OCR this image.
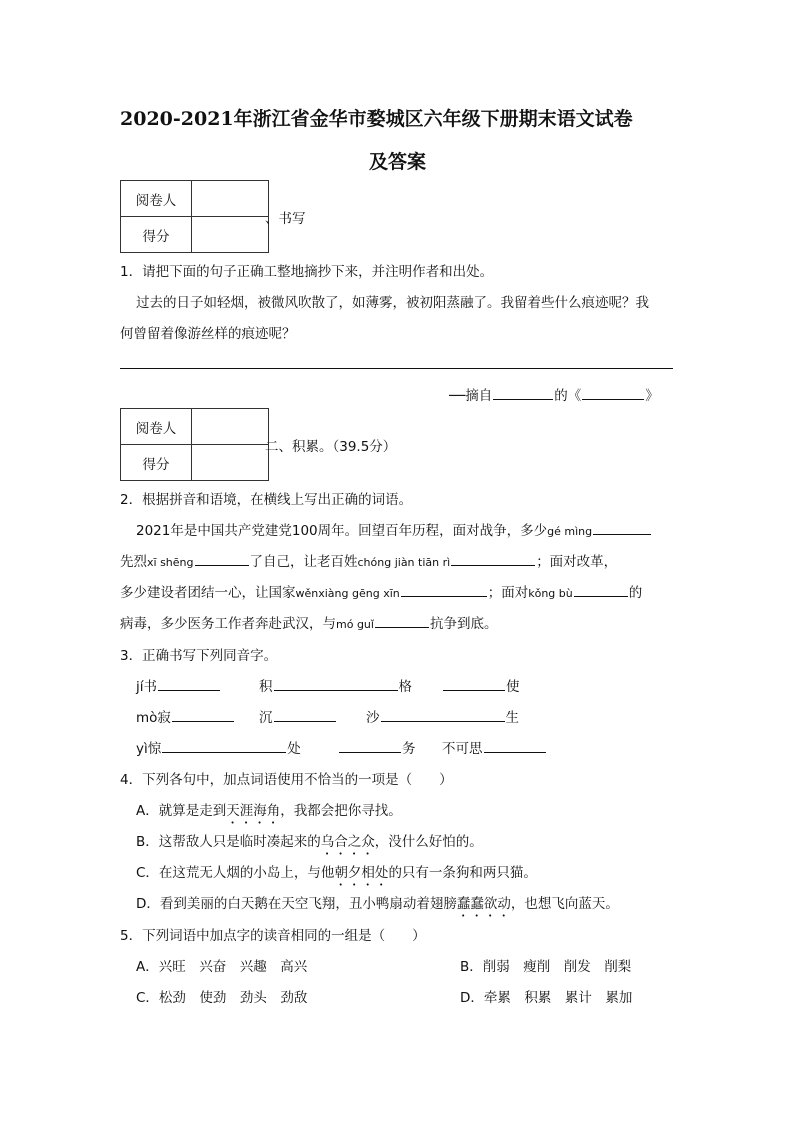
2020-2021年浙江省金华市婺城区六年级下册期末语文试卷
及答案
阅卷人	
得分	
、书写
1．请把下面的句子正确工整地摘抄下来，并注明作者和出处。
过去的日子如轻烟，被微风吹散了，如薄雾，被初阳蒸融了。我留着些什么痕迹呢？我
何曾留着像游丝样的痕迹呢？
──摘自	的《	》
阅卷人	
得分	
二、积累。（39.5分）
2．根据拼音和语境，在横线上写出正确的词语。
2021年是中国共产党建党100周年。回望百年历程，面对战争，多少gé mìng
先烈xī shēng	了自己，让老百姓chóng jiàn tiān rì	；面对改革，
多少建设者团结一心，让国家wěnxiàng gēng xīn	；面对kǒng bù	的
病毒，多少医务工作者奔赴武汉，与mó guǐ	抗争到底。
3．正确书写下列同音字。
jí书	积	格	使
mò寂	沉	沙	生
yì惊	处	务 不可思
4．下列各句中，加点词语使用不恰当的一项是（　　）
A．就算是走到天涯海角，我都会把你寻找。
B．这帮敌人只是临时凑起来的乌合之众，没什么好怕的。
C．在这荒无人烟的小岛上，与他朝夕相处的只有一条狗和两只猫。
D．看到美丽的白天鹅在天空飞翔，丑小鸭扇动着翅膀蠢蠢欲动，也想飞向蓝天。
5．下列词语中加点字的读音相同的一组是（　　）
A．兴旺　兴奋　兴趣　高兴	B．削弱　瘦削　削发　削梨
C．松劲　使劲　劲头　劲敌	D．牵累　积累　累计　累加
